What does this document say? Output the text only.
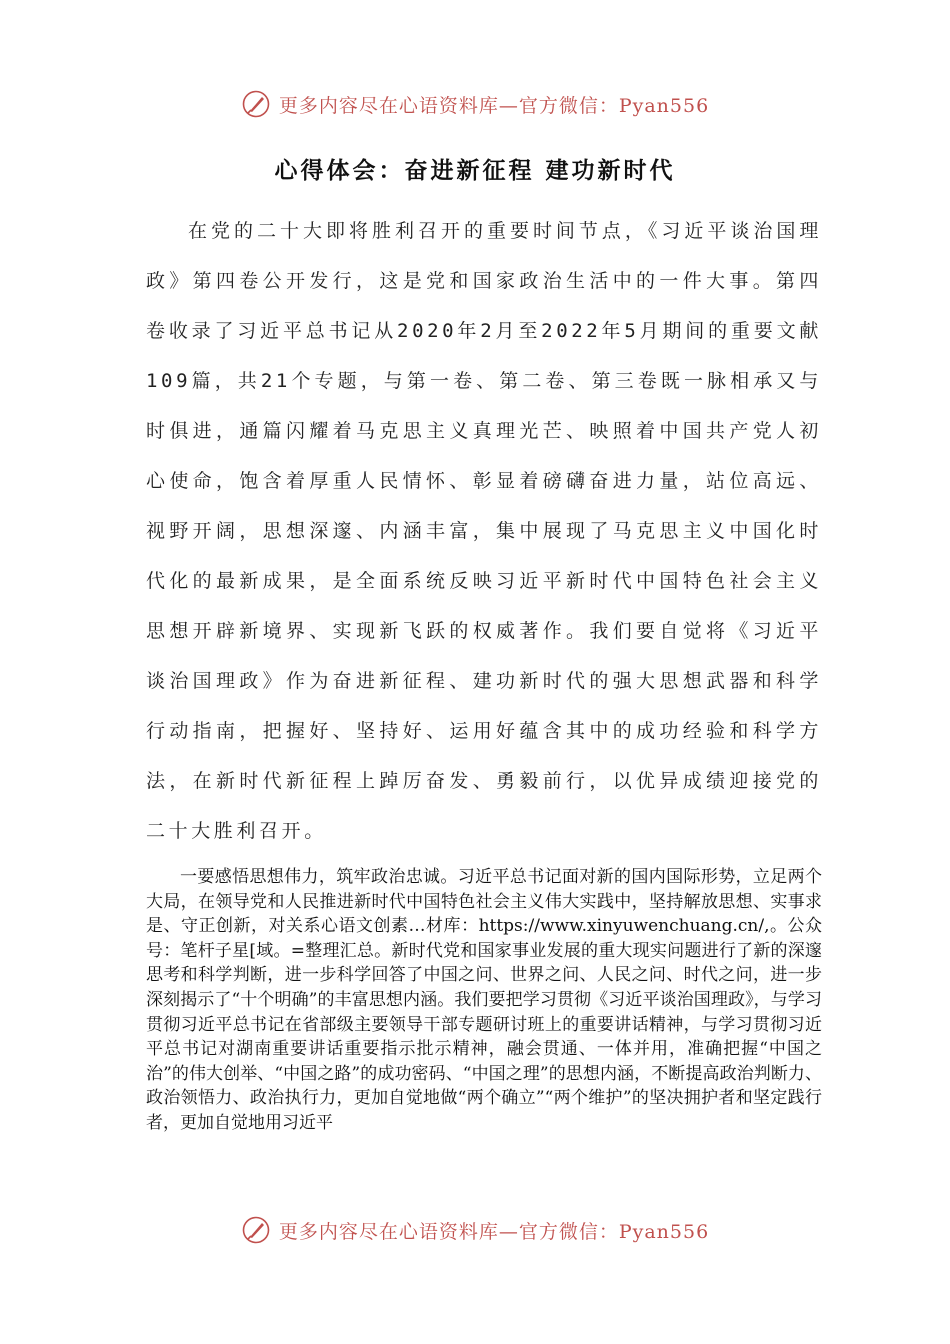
更多内容尽在心语资料库—官方微信：Pyan556
心得体会：奋进新征程 建功新时代

在党的二十大即将胜利召开的重要时间节点，《习近平谈治国理政》第四卷公开发行，这是党和国家政治生活中的一件大事。第四卷收录了习近平总书记从2020年2月至2022年5月期间的重要文献109篇，共21个专题，与第一卷、第二卷、第三卷既一脉相承又与时俱进，通篇闪耀着马克思主义真理光芒、映照着中国共产党人初心使命，饱含着厚重人民情怀、彰显着磅礴奋进力量，站位高远、视野开阔，思想深邃、内涵丰富，集中展现了马克思主义中国化时代化的最新成果，是全面系统反映习近平新时代中国特色社会主义思想开辟新境界、实现新飞跃的权威著作。我们要自觉将《习近平谈治国理政》作为奋进新征程、建功新时代的强大思想武器和科学行动指南，把握好、坚持好、运用好蕴含其中的成功经验和科学方法，在新时代新征程上踔厉奋发、勇毅前行，以优异成绩迎接党的二十大胜利召开。

一要感悟思想伟力，筑牢政治忠诚。习近平总书记面对新的国内国际形势，立足两个大局，在领导党和人民推进新时代中国特色社会主义伟大实践中，坚持解放思想、实事求是、守正创新，对关系心语文创素…材库：https://www.xinyuwenchuang.cn/,。公众号：笔杆子星[域。=整理汇总。新时代党和国家事业发展的重大现实问题进行了新的深邃思考和科学判断，进一步科学回答了中国之问、世界之问、人民之问、时代之问，进一步深刻揭示了“十个明确”的丰富思想内涵。我们要把学习贯彻《习近平谈治国理政》，与学习贯彻习近平总书记在省部级主要领导干部专题研讨班上的重要讲话精神，与学习贯彻习近平总书记对湖南重要讲话重要指示批示精神，融会贯通、一体并用，准确把握“中国之治”的伟大创举、“中国之路”的成功密码、“中国之理”的思想内涵，不断提高政治判断力、政治领悟力、政治执行力，更加自觉地做“两个确立”“两个维护”的坚决拥护者和坚定践行者，更加自觉地用习近平

更多内容尽在心语资料库—官方微信：Pyan556
